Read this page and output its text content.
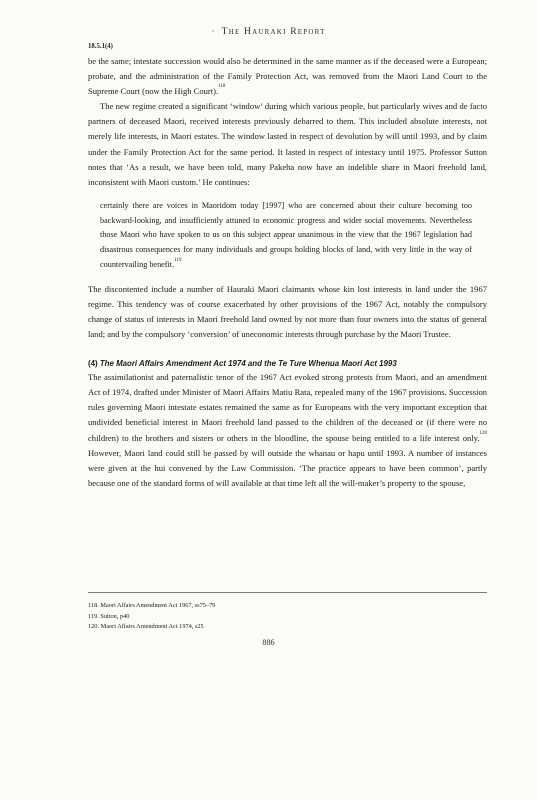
· The Hauraki Report
18.5.1(4)

be the same; intestate succession would also be determined in the same manner as if the deceased were a European; probate, and the administration of the Family Protection Act, was removed from the Maori Land Court to the Supreme Court (now the High Court).$^{118}$

The new regime created a significant ‘window’ during which various people, but particularly wives and de facto partners of deceased Maori, received interests previously debarred to them. This included absolute interests, not merely life interests, in Maori estates. The window lasted in respect of devolution by will until 1993, and by claim under the Family Protection Act for the same period. It lasted in respect of intestacy until 1975. Professor Sutton notes that ‘As a result, we have been told, many Pakeha now have an indelible share in Maori freehold land, inconsistent with Maori custom.’ He continues:

certainly there are voices in Maoridom today [1997] who are concerned about their culture becoming too backward-looking, and insufficiently attuned to economic progress and wider social movements. Nevertheless those Maori who have spoken to us on this subject appear unanimous in the view that the 1967 legislation had disastrous consequences for many individuals and groups holding blocks of land, with very little in the way of countervailing benefit.$^{119}$

The discontented include a number of Hauraki Maori claimants whose kin lost interests in land under the 1967 regime. This tendency was of course exacerbated by other provisions of the 1967 Act, notably the compulsory change of status of interests in Maori freehold land owned by not more than four owners into the status of general land; and by the compulsory ‘conversion’ of uneconomic interests through purchase by the Maori Trustee.

(4) The Maori Affairs Amendment Act 1974 and the Te Ture Whenua Maori Act 1993

The assimilationist and paternalistic tenor of the 1967 Act evoked strong protests from Maori, and an amendment Act of 1974, drafted under Minister of Maori Affairs Matiu Rata, repealed many of the 1967 provisions. Succession rules governing Maori intestate estates remained the same as for Europeans with the very important exception that undivided beneficial interest in Maori freehold land passed to the children of the deceased or (if there were no children) to the brothers and sisters or others in the bloodline, the spouse being entitled to a life interest only.$^{120}$ However, Maori land could still be passed by will outside the whanau or hapu until 1993. A number of instances were given at the hui convened by the Law Commission. ‘The practice appears to have been common’, partly because one of the standard forms of will available at that time left all the will-maker’s property to the spouse,

118. Maori Affairs Amendment Act 1967, ss75–79

119. Sutton, p40

120. Maori Affairs Amendment Act 1974, s25

886
